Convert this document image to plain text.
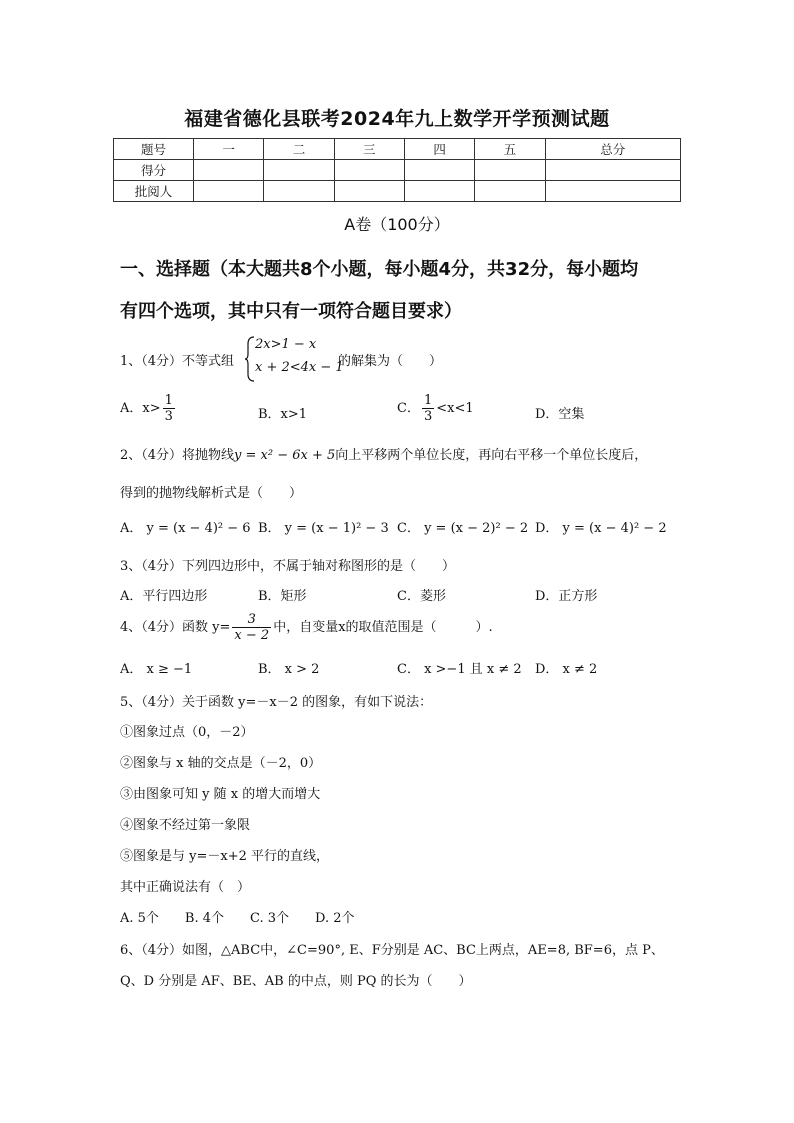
福建省德化县联考2024年九上数学开学预测试题
题号	一	二	三	四	五	总分
得分						
批阅人						
A卷（100分）
一、选择题（本大题共8个小题，每小题4分，共32分，每小题均
有四个选项，其中只有一项符合题目要求）
1、（4分）不等式组
2x>1 − x
x + 2<4x − 1
的解集为（　　）
A．$x> \frac{1}{3}$	B．x>1	C． $\frac{1}{3} <x<1$	D．空集
2、（4分）将抛物线y = x² − 6x + 5向上平移两个单位长度，再向右平移一个单位长度后，
得到的抛物线解析式是（　　）
A． y = (x − 4)² − 6 B． y = (x − 1)² − 3 C． y = (x − 2)² − 2 D． y = (x − 4)² − 2
3、（4分）下列四边形中，不属于轴对称图形的是（　　）
A．平行四边形	B．矩形	C．菱形	D．正方形
4、（4分）函数 $y= \frac{3}{x - 2}$ 中，自变量x的取值范围是（　　　）.
A． x ≥ −1	B． x > 2	C． x >−1 且 x ≠ 2 D． x ≠ 2
5、（4分）关于函数 y=－x－2 的图象，有如下说法：
①图象过点（0，－2）
②图象与 x 轴的交点是（－2，0）
③由图象可知 y 随 x 的增大而增大
④图象不经过第一象限
⑤图象是与 y=－x+2 平行的直线，
其中正确说法有（　）
A. 5个　　B. 4个　　C. 3个　　D. 2个
6、（4分）如图，△ABC中，∠C=90°, E、F分别是 AC、BC上两点，AE=8, BF=6，点 P、
Q、D 分别是 AF、BE、AB 的中点，则 PQ 的长为（　　）
